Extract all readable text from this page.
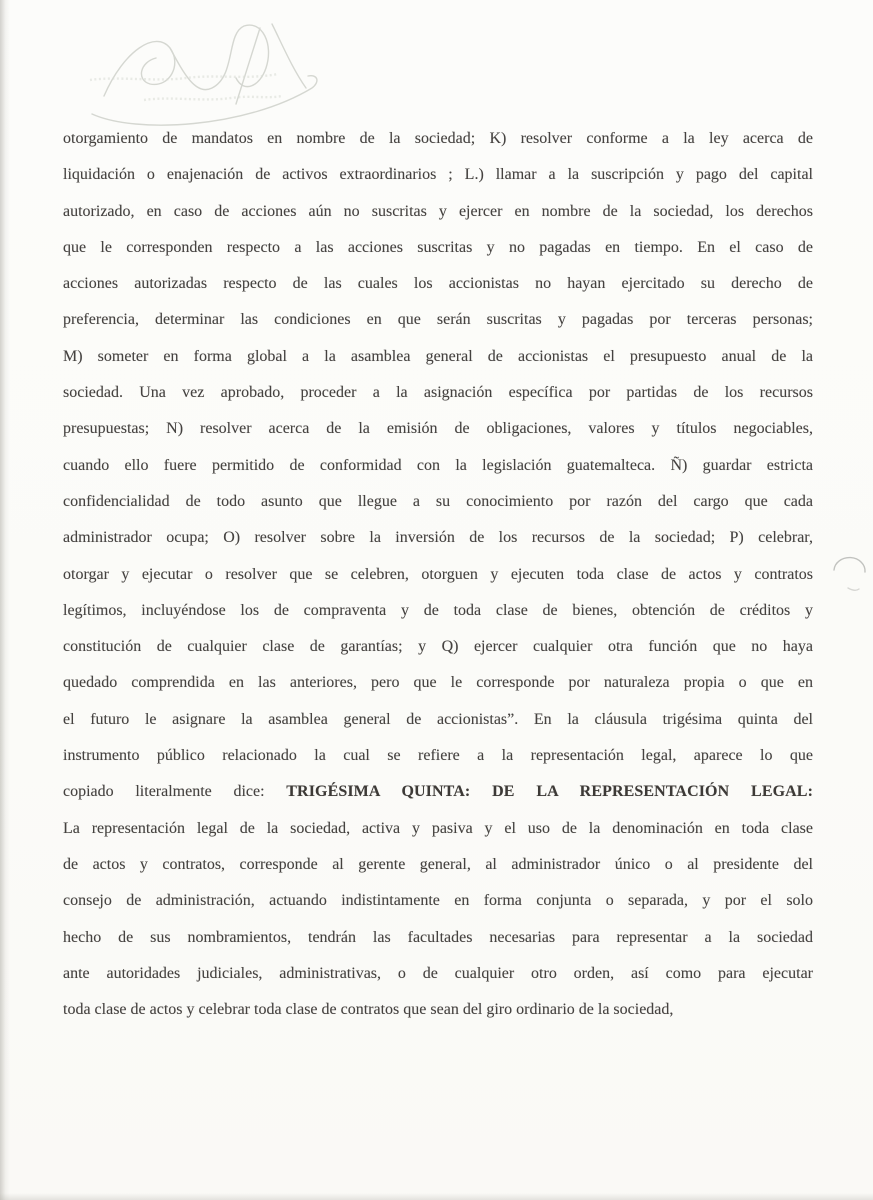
otorgamiento de mandatos en nombre de la sociedad; K) resolver conforme a la ley acerca de
liquidación o enajenación de activos extraordinarios ; L.) llamar a la suscripción y pago del capital
autorizado, en caso de acciones aún no suscritas y ejercer en nombre de la sociedad, los derechos
que le corresponden respecto a las acciones suscritas y no pagadas en tiempo. En el caso de
acciones autorizadas respecto de las cuales los accionistas no hayan ejercitado su derecho de
preferencia, determinar las condiciones en que serán suscritas y pagadas por terceras personas;
M) someter en forma global a la asamblea general de accionistas el presupuesto anual de la
sociedad. Una vez aprobado, proceder a la asignación específica por partidas de los recursos
presupuestas; N) resolver acerca de la emisión de obligaciones, valores y títulos negociables,
cuando ello fuere permitido de conformidad con la legislación guatemalteca. Ñ) guardar estricta
confidencialidad de todo asunto que llegue a su conocimiento por razón del cargo que cada
administrador ocupa; O) resolver sobre la inversión de los recursos de la sociedad; P) celebrar,
otorgar y ejecutar o resolver que se celebren, otorguen y ejecuten toda clase de actos y contratos
legítimos, incluyéndose los de compraventa y de toda clase de bienes, obtención de créditos y
constitución de cualquier clase de garantías; y Q) ejercer cualquier otra función que no haya
quedado comprendida en las anteriores, pero que le corresponde por naturaleza propia o que en
el futuro le asignare la asamblea general de accionistas”. En la cláusula trigésima quinta del
instrumento público relacionado la cual se refiere a la representación legal, aparece lo que
copiado literalmente dice: TRIGÉSIMA QUINTA: DE LA REPRESENTACIÓN LEGAL:
La representación legal de la sociedad, activa y pasiva y el uso de la denominación en toda clase
de actos y contratos, corresponde al gerente general, al administrador único o al presidente del
consejo de administración, actuando indistintamente en forma conjunta o separada, y por el solo
hecho de sus nombramientos, tendrán las facultades necesarias para representar a la sociedad
ante autoridades judiciales, administrativas, o de cualquier otro orden, así como para ejecutar
toda clase de actos y celebrar toda clase de contratos que sean del giro ordinario de la sociedad,
